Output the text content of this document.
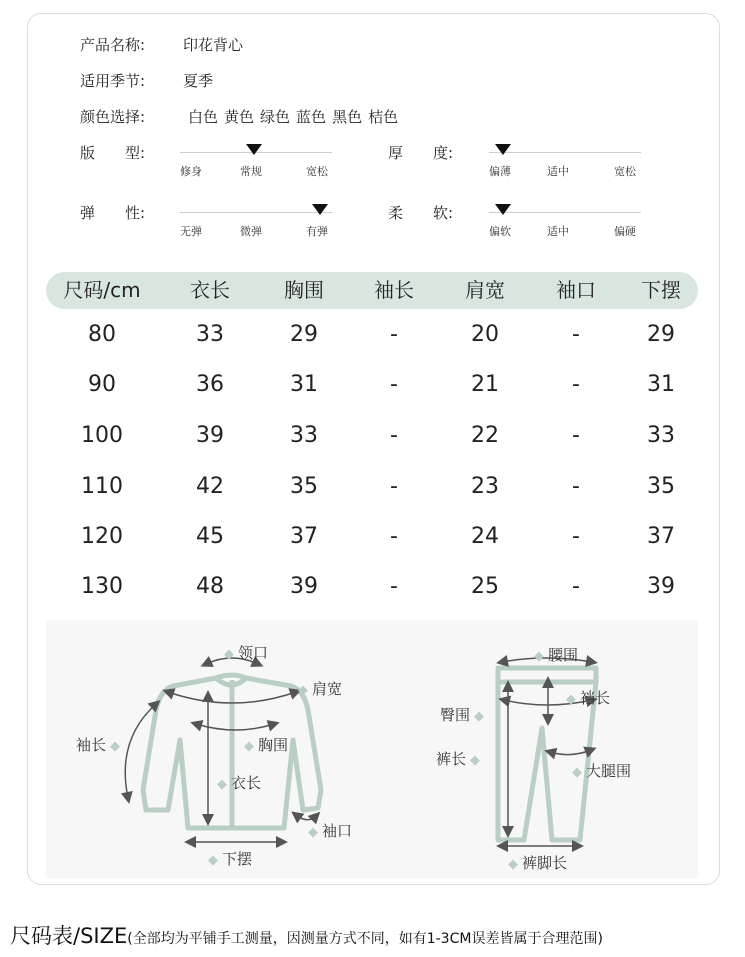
产品名称:	印花背心
适用季节:	夏季
颜色选择:	白色 黄色 绿色 蓝色 黑色 桔色
版　　型:
修身	常规	宽松
厚　　度:
偏薄	适中	宽松
弹　　性:
无弹	微弹	有弹
柔　　软:
偏软	适中	偏硬
尺码/cm	衣长	胸围	袖长	肩宽	袖口	下摆
80	33	29	-	20	-	29
90	36	31	-	21	-	31
100	39	33	-	22	-	33
110	42	35	-	23	-	35
120	45	37	-	24	-	37
130	48	39	-	25	-	39
◆ 领口
◆ 肩宽
◆ 胸围
◆ 衣长
袖长 ◆
◆ 袖口
◆ 下摆
◆ 腰围
◆ 裆长
臀围 ◆
裤长 ◆
◆ 大腿围
◆ 裤脚长
尺码表/SIZE(全部均为平铺手工测量，因测量方式不同，如有1-3CM误差皆属于合理范围)
